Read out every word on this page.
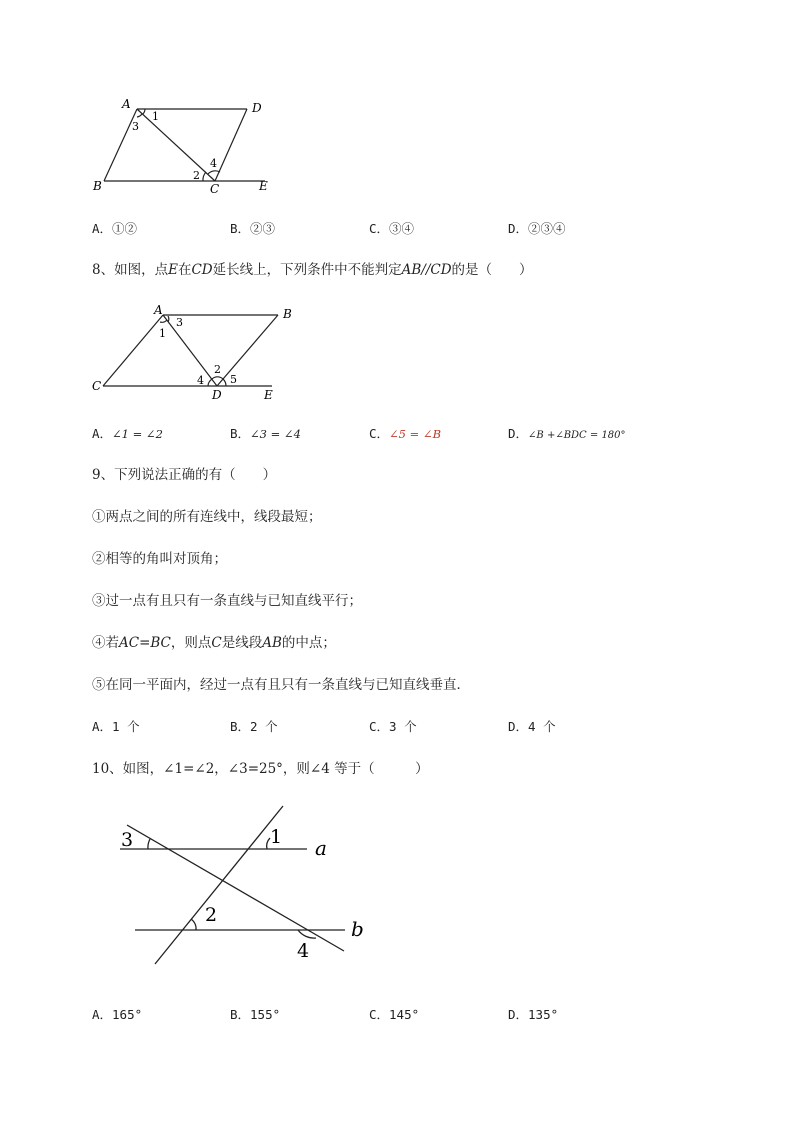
A	D
B	C	E
1
3
2
4
A．①②	B．②③	C．③④	D．②③④
8、如图，点E在CD延长线上，下列条件中不能判定AB//CD的是（　　）
A	B
C
D	E
3
1
2
4 5
A．∠1 = ∠2	B．∠3 = ∠4	C．∠5 = ∠B	D．∠B +∠BDC = 180°
9、下列说法正确的有（　　）
①两点之间的所有连线中，线段最短；
②相等的角叫对顶角；
③过一点有且只有一条直线与已知直线平行；
④若AC=BC，则点C是线段AB的中点；
⑤在同一平面内，经过一点有且只有一条直线与已知直线垂直．
A．1 个	B．2 个	C．3 个	D．4 个
10、如图，∠1=∠2，∠3=25°，则∠4 等于（　　　）
3	1 a
2
b
4
A．165°	B．155°	C．145°	D．135°
